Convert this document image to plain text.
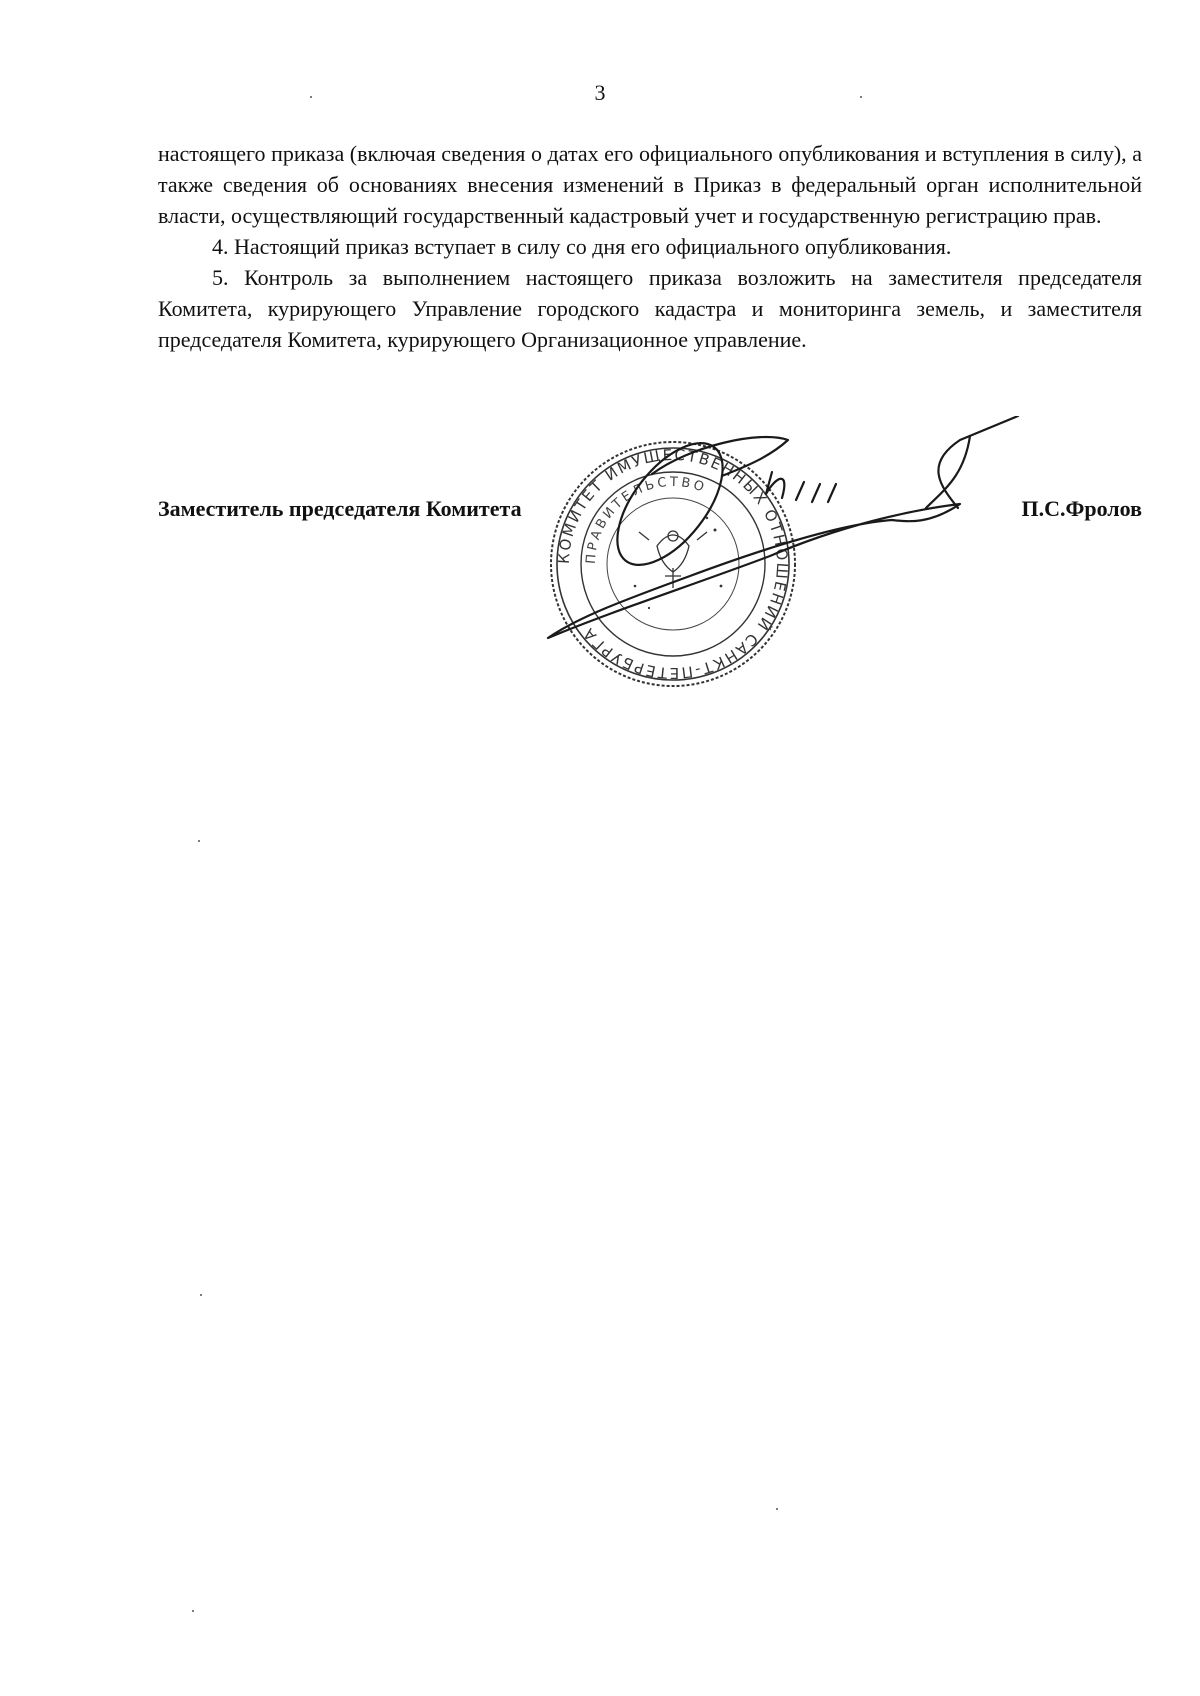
3

настоящего приказа (включая сведения о датах его официального опубликования и вступления в силу), а также сведения об основаниях внесения изменений в Приказ в федеральный орган исполнительной власти, осуществляющий государственный кадастровый учет и государственную регистрацию прав.

4. Настоящий приказ вступает в силу со дня его официального опубликования.

5. Контроль за выполнением настоящего приказа возложить на заместителя председателя Комитета, курирующего Управление городского кадастра и мониторинга земель, и заместителя председателя Комитета, курирующего Организационное управление.

Заместитель председателя Комитета	П.С.Фролов
КОМИТЕТ ИМУЩЕСТВЕННЫХ ОТНОШЕНИЙ САНКТ-ПЕТЕРБУРГА
ПРАВИТЕЛЬСТВО
